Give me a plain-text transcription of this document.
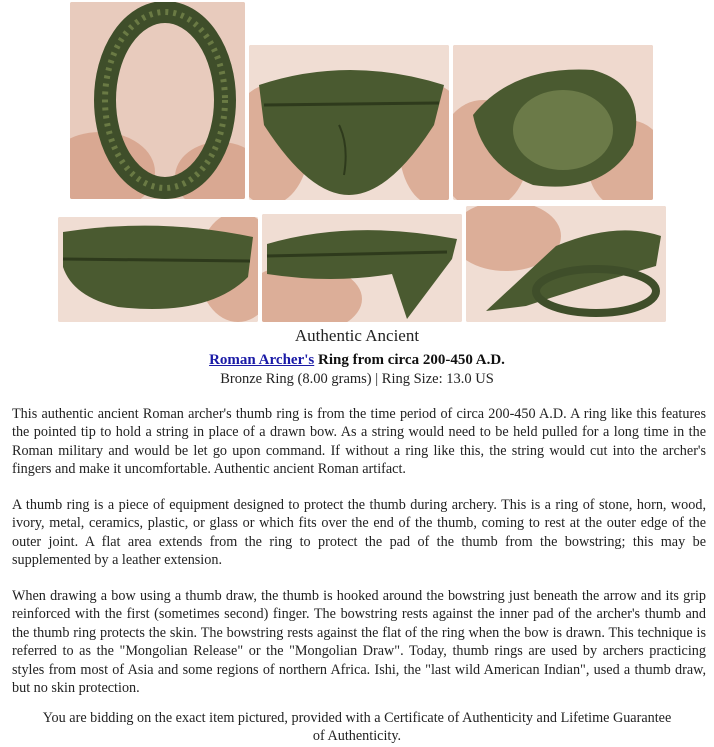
Authentic Ancient
Roman Archer's Ring from circa 200-450 A.D.
Bronze Ring (8.00 grams) | Ring Size: 13.0 US

This authentic ancient Roman archer's thumb ring is from the time period of circa 200-450 A.D. A ring like this features the pointed tip to hold a string in place of a drawn bow. As a string would need to be held pulled for a long time in the Roman military and would be let go upon command. If without a ring like this, the string would cut into the archer's fingers and make it uncomfortable. Authentic ancient Roman artifact.

A thumb ring is a piece of equipment designed to protect the thumb during archery. This is a ring of stone, horn, wood, ivory, metal, ceramics, plastic, or glass or which fits over the end of the thumb, coming to rest at the outer edge of the outer joint. A flat area extends from the ring to protect the pad of the thumb from the bowstring; this may be supplemented by a leather extension.

When drawing a bow using a thumb draw, the thumb is hooked around the bowstring just beneath the arrow and its grip reinforced with the first (sometimes second) finger. The bowstring rests against the inner pad of the archer's thumb and the thumb ring protects the skin. The bowstring rests against the flat of the ring when the bow is drawn. This technique is referred to as the "Mongolian Release" or the "Mongolian Draw". Today, thumb rings are used by archers practicing styles from most of Asia and some regions of northern Africa. Ishi, the "last wild American Indian", used a thumb draw, but no skin protection.

You are bidding on the exact item pictured, provided with a Certificate of Authenticity and Lifetime Guarantee of Authenticity.
